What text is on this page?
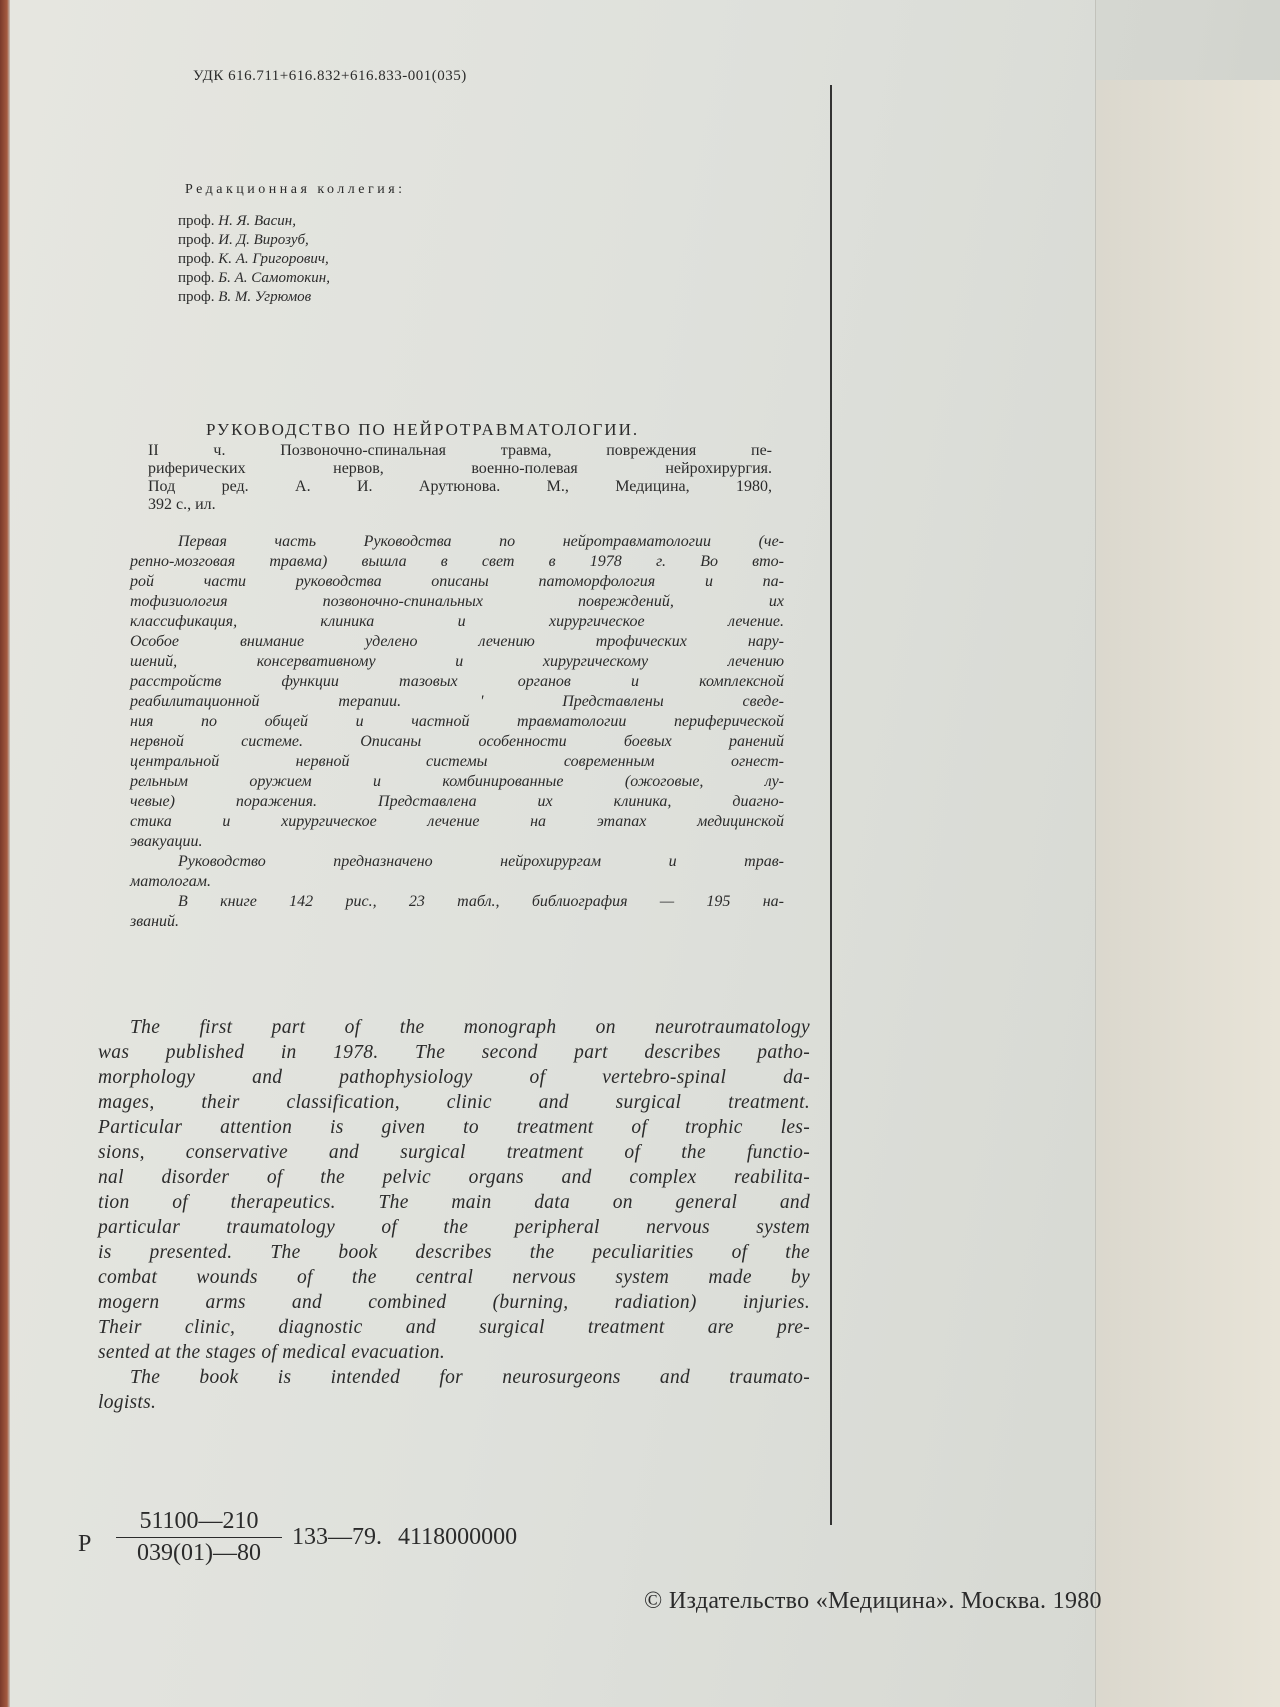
УДК 616.711+616.832+616.833-001(035)
Редакционная коллегия:
проф. Н. Я. Васин,
проф. И. Д. Вирозуб,
проф. К. А. Григорович,
проф. Б. А. Самотокин,
проф. В. М. Угрюмов
РУКОВОДСТВО ПО НЕЙРОТРАВМАТОЛОГИИ.
II ч. Позвоночно-спинальная травма, повреждения пе-
риферических нервов, военно-полевая нейрохирургия.
Под ред. А. И. Арутюнова. М., Медицина, 1980,
392 с., ил.
Первая часть Руководства по нейротравматологии (че-
репно-мозговая травма) вышла в свет в 1978 г. Во вто-
рой части руководства описаны патоморфология и па-
тофизиология позвоночно-спинальных повреждений, их
классификация, клиника и хирургическое лечение.
Особое внимание уделено лечению трофических нару-
шений, консервативному и хирургическому лечению
расстройств функции тазовых органов и комплексной
реабилитационной терапии. ' Представлены сведе-
ния по общей и частной травматологии периферической
нервной системе. Описаны особенности боевых ранений
центральной нервной системы современным огнест-
рельным оружием и комбинированные (ожоговые, лу-
чевые) поражения. Представлена их клиника, диагно-
стика и хирургическое лечение на этапах медицинской
эвакуации.
Руководство предназначено нейрохирургам и трав-
матологам.
В книге 142 рис., 23 табл., библиография — 195 на-
званий.
The first part of the monograph on neurotraumatology
was published in 1978. The second part describes patho-
morphology and pathophysiology of vertebro-spinal da-
mages, their classification, clinic and surgical treatment.
Particular attention is given to treatment of trophic les-
sions, conservative and surgical treatment of the functio-
nal disorder of the pelvic organs and complex reabilita-
tion of therapeutics. The main data on general and
particular traumatology of the peripheral nervous system
is presented. The book describes the peculiarities of the
combat wounds of the central nervous system made by
mogern arms and combined (burning, radiation) injuries.
Their clinic, diagnostic and surgical treatment are pre-
sented at the stages of medical evacuation.
The book is intended for neurosurgeons and traumato-
logists.
Р $\frac{51100—210}{039(01)—80}$ 133—79. 4118000000
© Издательство «Медицина». Москва. 1980
